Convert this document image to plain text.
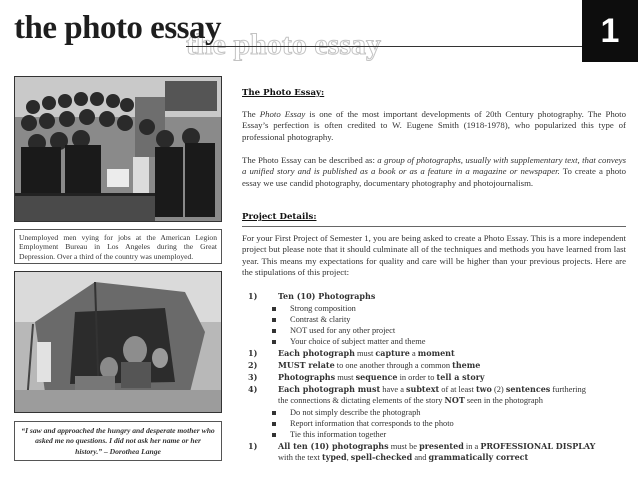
the photo essay
the photo essay	1
Unemployed men vying for jobs at the American Legion Employment Bureau in Los Angeles during the Great Depression. Over a third of the country was unemployed.
“I saw and approached the hungry and desperate mother who asked me no questions. I did not ask her name or her history.” – Dorothea Lange
The Photo Essay:
The Photo Essay is one of the most important developments of 20th Century photography. The Photo Essay’s perfection is often credited to W. Eugene Smith (1918-1978), who popularized this type of professional photography.
The Photo Essay can be described as: a group of photographs, usually with supplementary text, that conveys a unified story and is published as a book or as a feature in a magazine or newspaper. To create a photo essay we use candid photography, documentary photography and photojournalism.
Project Details:
For your First Project of Semester 1, you are being asked to create a Photo Essay. This is a more independent project but please note that it should culminate all of the techniques and methods you have learned from last year. This means my expectations for quality and care will be higher than your previous projects. Here are the stipulations of this project:
1)	Ten (10) Photographs
Strong composition
Contrast & clarity
NOT used for any other project
Your choice of subject matter and theme
1)	Each photograph must capture a moment
2)	MUST relate to one another through a common theme
3)	Photographs must sequence in order to tell a story
4)	Each photograph must have a subtext of at least two (2) sentences furthering
the connections & dictating elements of the story NOT seen in the photograph
Do not simply describe the photograph
Report information that corresponds to the photo
Tie this information together
1)	All ten (10) photographs must be presented in a PROFESSIONAL DISPLAY
with the text typed, spell-checked and grammatically correct
